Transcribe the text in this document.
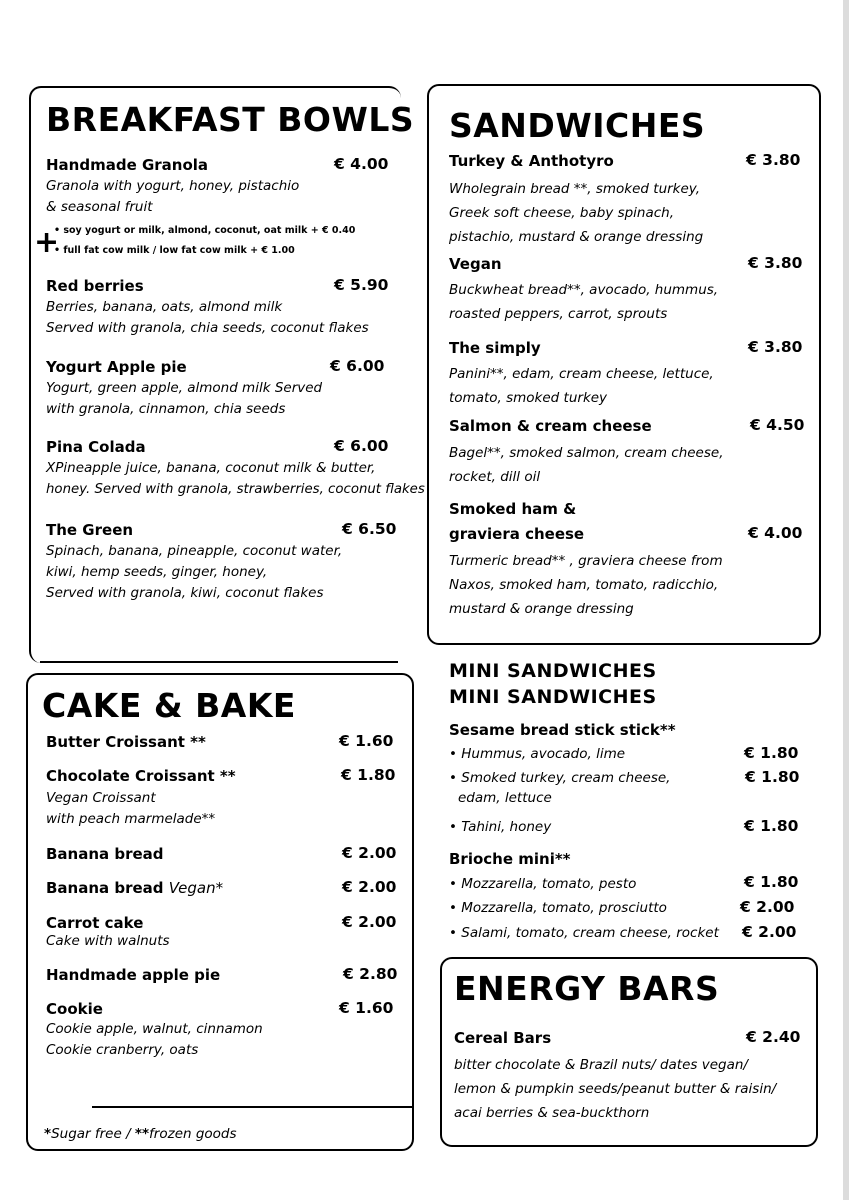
BREAKFAST BOWLS
Handmade Granola	€ 4.00
Granola with yogurt, honey, pistachio
& seasonal fruit
+
• soy yogurt or milk, almond, coconut, oat milk + € 0.40
• full fat cow milk / low fat cow milk + € 1.00
Red berries	€ 5.90
Berries, banana, oats, almond milk
Served with granola, chia seeds, coconut flakes
Yogurt Apple pie	€ 6.00
Yogurt, green apple, almond milk Served
with granola, cinnamon, chia seeds
Pina Colada	€ 6.00
XPineapple juice, banana, coconut milk & butter,
honey. Served with granola, strawberries, coconut flakes
The Green	€ 6.50
Spinach, banana, pineapple, coconut water,
kiwi, hemp seeds, ginger, honey,
Served with granola, kiwi, coconut flakes
CAKE & BAKE
Butter Croissant **	€ 1.60
Chocolate Croissant **	€ 1.80
Vegan Croissant
with peach marmelade**
Banana bread	€ 2.00
Banana bread Vegan*	€ 2.00
Carrot cake	€ 2.00
Cake with walnuts
Handmade apple pie	€ 2.80
Cookie	€ 1.60
Cookie apple, walnut, cinnamon
Cookie cranberry, oats
*Sugar free / **frozen goods
SANDWICHES
Turkey & Anthotyro	€ 3.80
Wholegrain bread **, smoked turkey,
Greek soft cheese, baby spinach,
pistachio, mustard & orange dressing
Vegan	€ 3.80
Buckwheat bread**, avocado, hummus,
roasted peppers, carrot, sprouts
The simply	€ 3.80
Panini**, edam, cream cheese, lettuce,
tomato, smoked turkey
Salmon & cream cheese	€ 4.50
Bagel**, smoked salmon, cream cheese,
rocket, dill oil
Smoked ham &
graviera cheese	€ 4.00
Turmeric bread** , graviera cheese from
Naxos, smoked ham, tomato, radicchio,
mustard & orange dressing
MINI SANDWICHES
MINI SANDWICHES
Sesame bread stick stick**
• Hummus, avocado, lime	€ 1.80
• Smoked turkey, cream cheese,
edam, lettuce
€ 1.80
• Tahini, honey	€ 1.80
Brioche mini**
• Mozzarella, tomato, pesto	€ 1.80
• Mozzarella, tomato, prosciutto	€ 2.00
• Salami, tomato, cream cheese, rocket € 2.00
ENERGY BARS
Cereal Bars	€ 2.40
bitter chocolate & Brazil nuts/ dates vegan/
lemon & pumpkin seeds/peanut butter & raisin/
acai berries & sea-buckthorn
